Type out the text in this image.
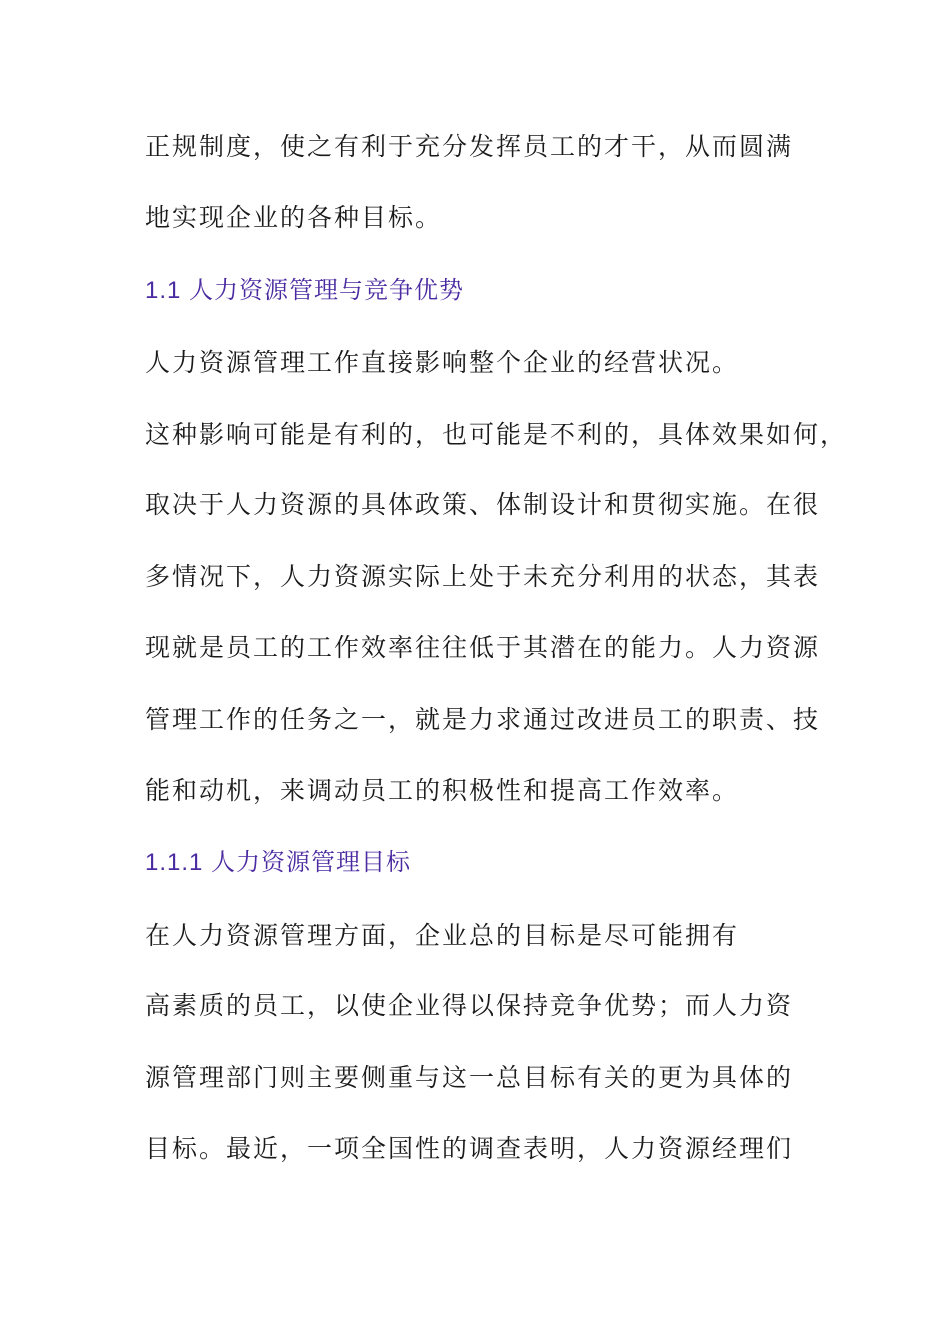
正规制度，使之有利于充分发挥员工的才干，从而圆满
地实现企业的各种目标。
1.1 人力资源管理与竞争优势
人力资源管理工作直接影响整个企业的经营状况。
这种影响可能是有利的，也可能是不利的，具体效果如何，
取决于人力资源的具体政策、体制设计和贯彻实施。在很
多情况下，人力资源实际上处于未充分利用的状态，其表
现就是员工的工作效率往往低于其潜在的能力。人力资源
管理工作的任务之一，就是力求通过改进员工的职责、技
能和动机，来调动员工的积极性和提高工作效率。
1.1.1 人力资源管理目标
在人力资源管理方面，企业总的目标是尽可能拥有
高素质的员工，以使企业得以保持竞争优势；而人力资
源管理部门则主要侧重与这一总目标有关的更为具体的
目标。最近，一项全国性的调查表明，人力资源经理们
